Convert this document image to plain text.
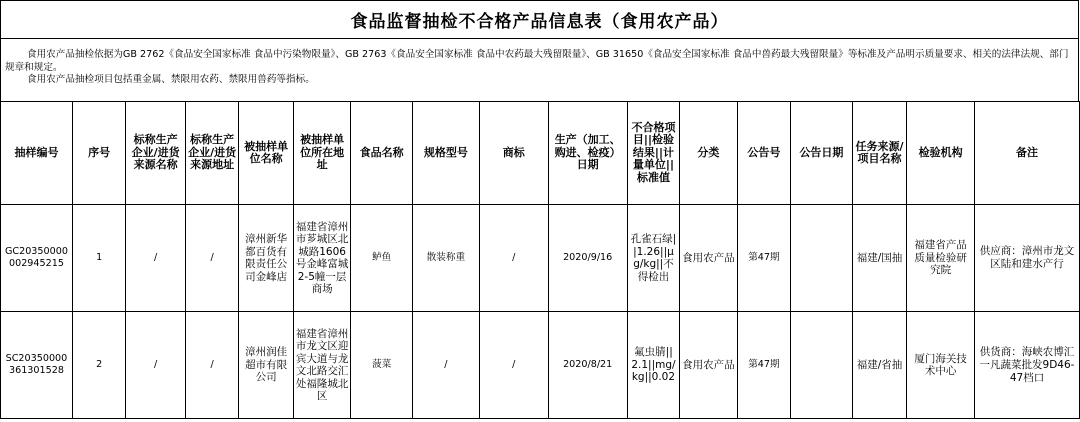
食品监督抽检不合格产品信息表（食用农产品）

食用农产品抽检依据为GB 2762《食品安全国家标准 食品中污染物限量》、GB 2763《食品安全国家标准 食品中农药最大残留限量》、GB 31650《食品安全国家标准 食品中兽药最大残留限量》等标准及产品明示质量要求、相关的法律法规、部门规章和规定。

食用农产品抽检项目包括重金属、禁限用农药、禁限用兽药等指标。

抽样编号	序号	标称生产企业/进货来源名称	标称生产企业/进货来源地址	被抽样单位名称	被抽样单位所在地址	食品名称	规格型号	商标	生产（加工、购进、检疫）日期	不合格项目||检验结果||计量单位||标准值	分类	公告号	公告日期	任务来源/项目名称	检验机构	备注
GC20350000002945215	1	/	/	漳州新华都百货有限责任公司金峰店	福建省漳州市芗城区北城路1606号金峰富城2-5幢一层商场	鲈鱼	散装称重	/	2020/9/16	孔雀石绿||1.26||μg/kg||不得检出	食用农产品	第47期		福建/国抽	福建省产品质量检验研究院	供应商：漳州市龙文区陆和建水产行
SC20350000361301528	2	/	/	漳州润佳超市有限公司	福建省漳州市龙文区迎宾大道与龙文北路交汇处福隆城北区	菠菜	/	/	2020/8/21	氟虫腈||2.1||mg/kg||0.02	食用农产品	第47期		福建/省抽	厦门海关技术中心	供货商：海峡农博汇一凡蔬菜批发9D46-47档口
